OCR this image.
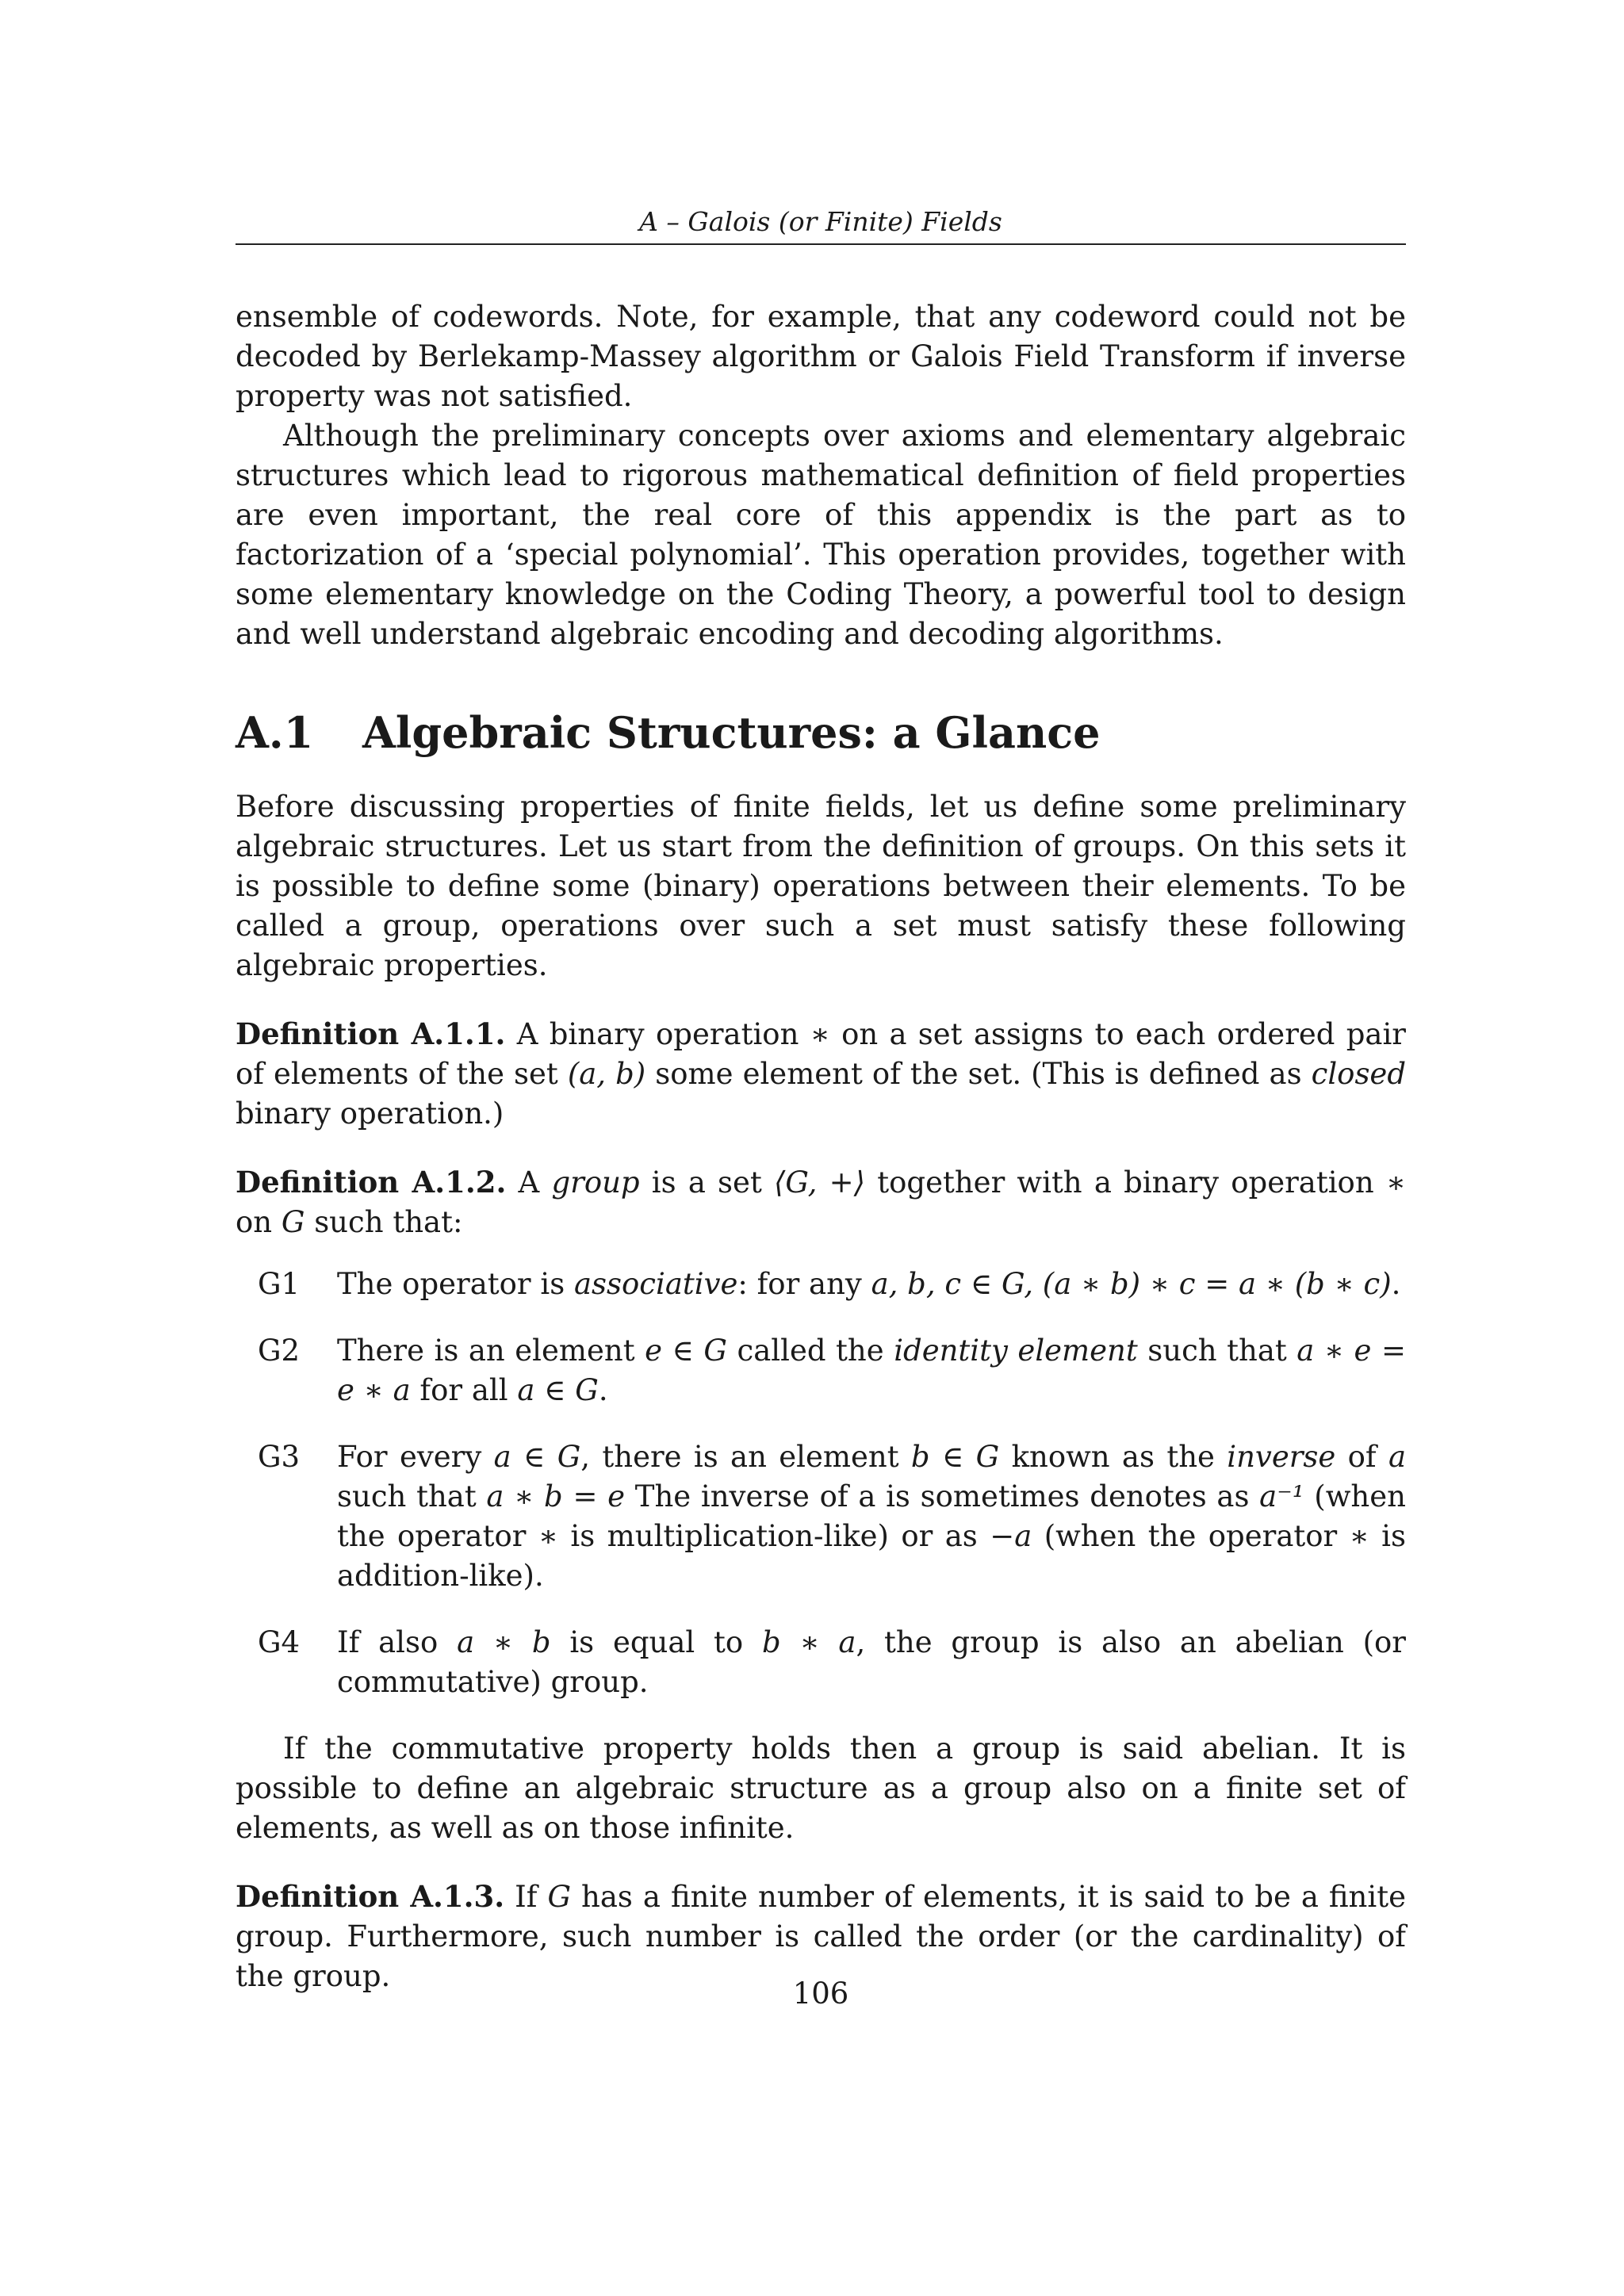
A – Galois (or Finite) Fields

ensemble of codewords. Note, for example, that any codeword could not be decoded by Berlekamp-Massey algorithm or Galois Field Transform if inverse property was not satisfied.

Although the preliminary concepts over axioms and elementary algebraic structures which lead to rigorous mathematical definition of field properties are even important, the real core of this appendix is the part as to factorization of a ‘special polynomial’. This operation provides, together with some elementary knowledge on the Coding Theory, a powerful tool to design and well understand algebraic encoding and decoding algorithms.

A.1 Algebraic Structures: a Glance

Before discussing properties of finite fields, let us define some preliminary algebraic structures. Let us start from the definition of groups. On this sets it is possible to define some (binary) operations between their elements. To be called a group, operations over such a set must satisfy these following algebraic properties.

Definition A.1.1. A binary operation ∗ on a set assigns to each ordered pair of elements of the set (a, b) some element of the set. (This is defined as closed binary operation.)

Definition A.1.2. A group is a set ⟨G, +⟩ together with a binary operation ∗ on G such that:

G1 The operator is associative: for any a, b, c ∈ G, (a ∗ b) ∗ c = a ∗ (b ∗ c).
G2 There is an element e ∈ G called the identity element such that a ∗ e = e ∗ a for all a ∈ G.
G3 For every a ∈ G, there is an element b ∈ G known as the inverse of a such that a ∗ b = e The inverse of a is sometimes denotes as a⁻¹ (when the operator ∗ is multiplication-like) or as −a (when the operator ∗ is addition-like).
G4 If also a ∗ b is equal to b ∗ a, the group is also an abelian (or commutative) group.

If the commutative property holds then a group is said abelian. It is possible to define an algebraic structure as a group also on a finite set of elements, as well as on those infinite.

Definition A.1.3. If G has a finite number of elements, it is said to be a finite group. Furthermore, such number is called the order (or the cardinality) of the group.

106
